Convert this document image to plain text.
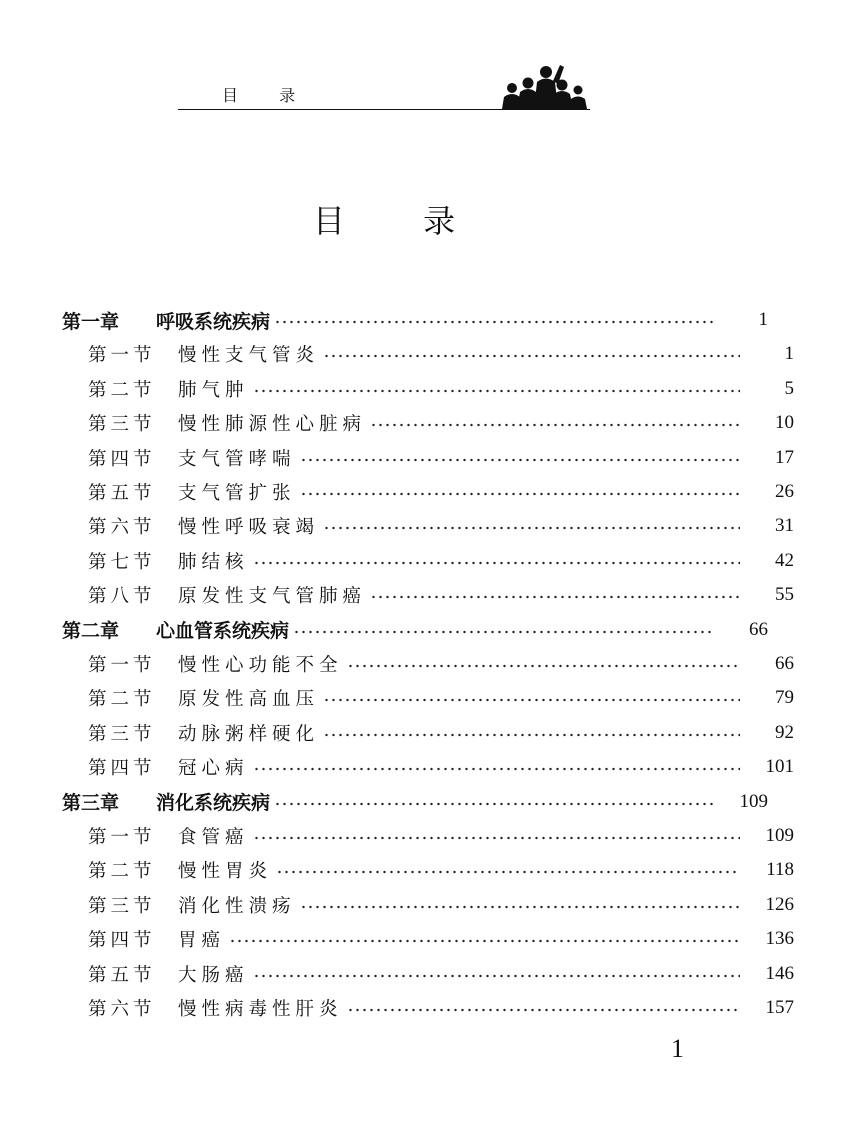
目 录
目 录
第一章	呼吸系统疾病	1
第一节	慢性支气管炎	1
第二节	肺气肿	5
第三节	慢性肺源性心脏病	10
第四节	支气管哮喘	17
第五节	支气管扩张	26
第六节	慢性呼吸衰竭	31
第七节	肺结核	42
第八节	原发性支气管肺癌	55
第二章	心血管系统疾病	66
第一节	慢性心功能不全	66
第二节	原发性高血压	79
第三节	动脉粥样硬化	92
第四节	冠心病	101
第三章	消化系统疾病	109
第一节	食管癌	109
第二节	慢性胃炎	118
第三节	消化性溃疡	126
第四节	胃癌	136
第五节	大肠癌	146
第六节	慢性病毒性肝炎	157
1
